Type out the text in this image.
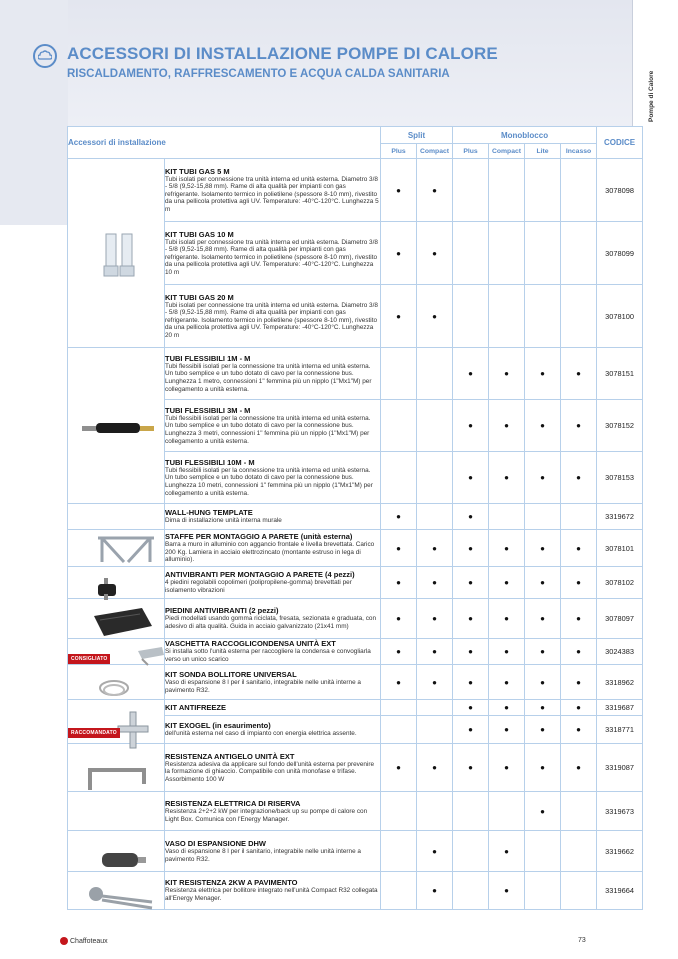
ACCESSORI DI INSTALLAZIONE POMPE DI CALORE
RISCALDAMENTO, RAFFRESCAMENTO E ACQUA CALDA SANITARIA	Pompe di Calore
Accessori di installazione		Split		Monoblocco				CODICE
		Plus	Compact	Plus	Compact	Lite	Incasso	

	KIT TUBI GAS 5 M
Tubi isolati per connessione tra unità interna ed unità esterna. Diametro 3/8 - 5/8 (9,52-15,88 mm). Rame di alta qualità per impianti con gas refrigerante. Isolamento termico in polietilene (spessore 8-10 mm), rivestito da una pellicola protettiva agli UV. Temperature: -40°C-120°C. Lunghezza 5 m	●	●					3078098

	KIT TUBI GAS 10 M
Tubi isolati per connessione tra unità interna ed unità esterna. Diametro 3/8 - 5/8 (9,52-15,88 mm). Rame di alta qualità per impianti con gas refrigerante. Isolamento termico in polietilene (spessore 8-10 mm), rivestito da una pellicola protettiva agli UV. Temperature: -40°C-120°C. Lunghezza 10 m	●	●					3078099

	KIT TUBI GAS 20 M
Tubi isolati per connessione tra unità interna ed unità esterna. Diametro 3/8 - 5/8 (9,52-15,88 mm). Rame di alta qualità per impianti con gas refrigerante. Isolamento termico in polietilene (spessore 8-10 mm), rivestito da una pellicola protettiva agli UV. Temperature: -40°C-120°C. Lunghezza 20 m	●	●					3078100

	TUBI FLESSIBILI 1M - M
Tubi flessibili isolati per la connessione tra unità interna ed unità esterna. Un tubo semplice e un tubo dotato di cavo per la connessione bus. Lunghezza 1 metro, connessioni 1" femmina più un nipplo (1"Mx1"M) per collegamento a unità esterna.			●	●	●	●	3078151

	TUBI FLESSIBILI 3M - M
Tubi flessibili isolati per la connessione tra unità interna ed unità esterna. Un tubo semplice e un tubo dotato di cavo per la connessione bus. Lunghezza 3 metri, connessioni 1" femmina più un nipplo (1"Mx1"M) per collegamento a unità esterna.			●	●	●	●	3078152

	TUBI FLESSIBILI 10M - M
Tubi flessibili isolati per la connessione tra unità interna ed unità esterna. Un tubo semplice e un tubo dotato di cavo per la connessione bus. Lunghezza 10 metri, connessioni 1" femmina più un nipplo (1"Mx1"M) per collegamento a unità esterna.			●	●	●	●	3078153

	WALL-HUNG TEMPLATE
Dima di installazione unità interna murale	●		●				3319672

	STAFFE PER MONTAGGIO A PARETE (unità esterna)
Barra a muro in alluminio con aggancio frontale e livella brevettata. Carico 200 Kg. Lamiera in acciaio elettrozincato (montante estruso in lega di alluminio).	●	●	●	●	●	●	3078101

	ANTIVIBRANTI PER MONTAGGIO A PARETE (4 pezzi)
4 piedini regolabili copolimeri (polipropilene-gomma) brevettati per isolamento vibrazioni	●	●	●	●	●	●	3078102

	PIEDINI ANTIVIBRANTI (2 pezzi)
Piedi modellati usando gomma riciclata, fresata, sezionata e graduata, con adesivo di alta qualità. Guida in acciaio galvanizzato (21x41 mm)	●	●	●	●	●	●	3078097

	VASCHETTA RACCOGLICONDENSA UNITÀ EXT
Si installa sotto l'unità esterna per raccogliere la condensa e convogliarla verso un unico scarico	●	●	●	●	●	●	3024383

	KIT SONDA BOLLITORE UNIVERSAL
Vaso di espansione 8 l per il sanitario, integrabile nelle unità interne a pavimento R32.	●	●	●	●	●	●	3318962

	KIT ANTIFREEZE			●	●	●	●	3319687

	KIT EXOGEL (in esaurimento)
dell'unità esterna nel caso di impianto con energia elettrica assente.			●	●	●	●	3318771

	RESISTENZA ANTIGELO UNITÀ EXT
Resistenza adesiva da applicare sul fondo dell'unità esterna per prevenire la formazione di ghiaccio. Compatibile con unità monofase e trifase. Assorbimento 100 W	●	●	●	●	●	●	3319087

	RESISTENZA ELETTRICA DI RISERVA
Resistenza 2+2+2 kW per integrazione/back up su pompe di calore con Light Box. Comunica con l'Energy Manager.					●		3319673

	VASO DI ESPANSIONE DHW
Vaso di espansione 8 l per il sanitario, integrabile nelle unità interne a pavimento R32.		●		●			3319662

	KIT RESISTENZA 2KW A PAVIMENTO
Resistenza elettrica per bollitore integrato nell'unità Compact R32 collegata all'Energy Menager.		●		●			3319664
CONSIGLIATO
RACCOMANDATO
Chaffoteaux	73
